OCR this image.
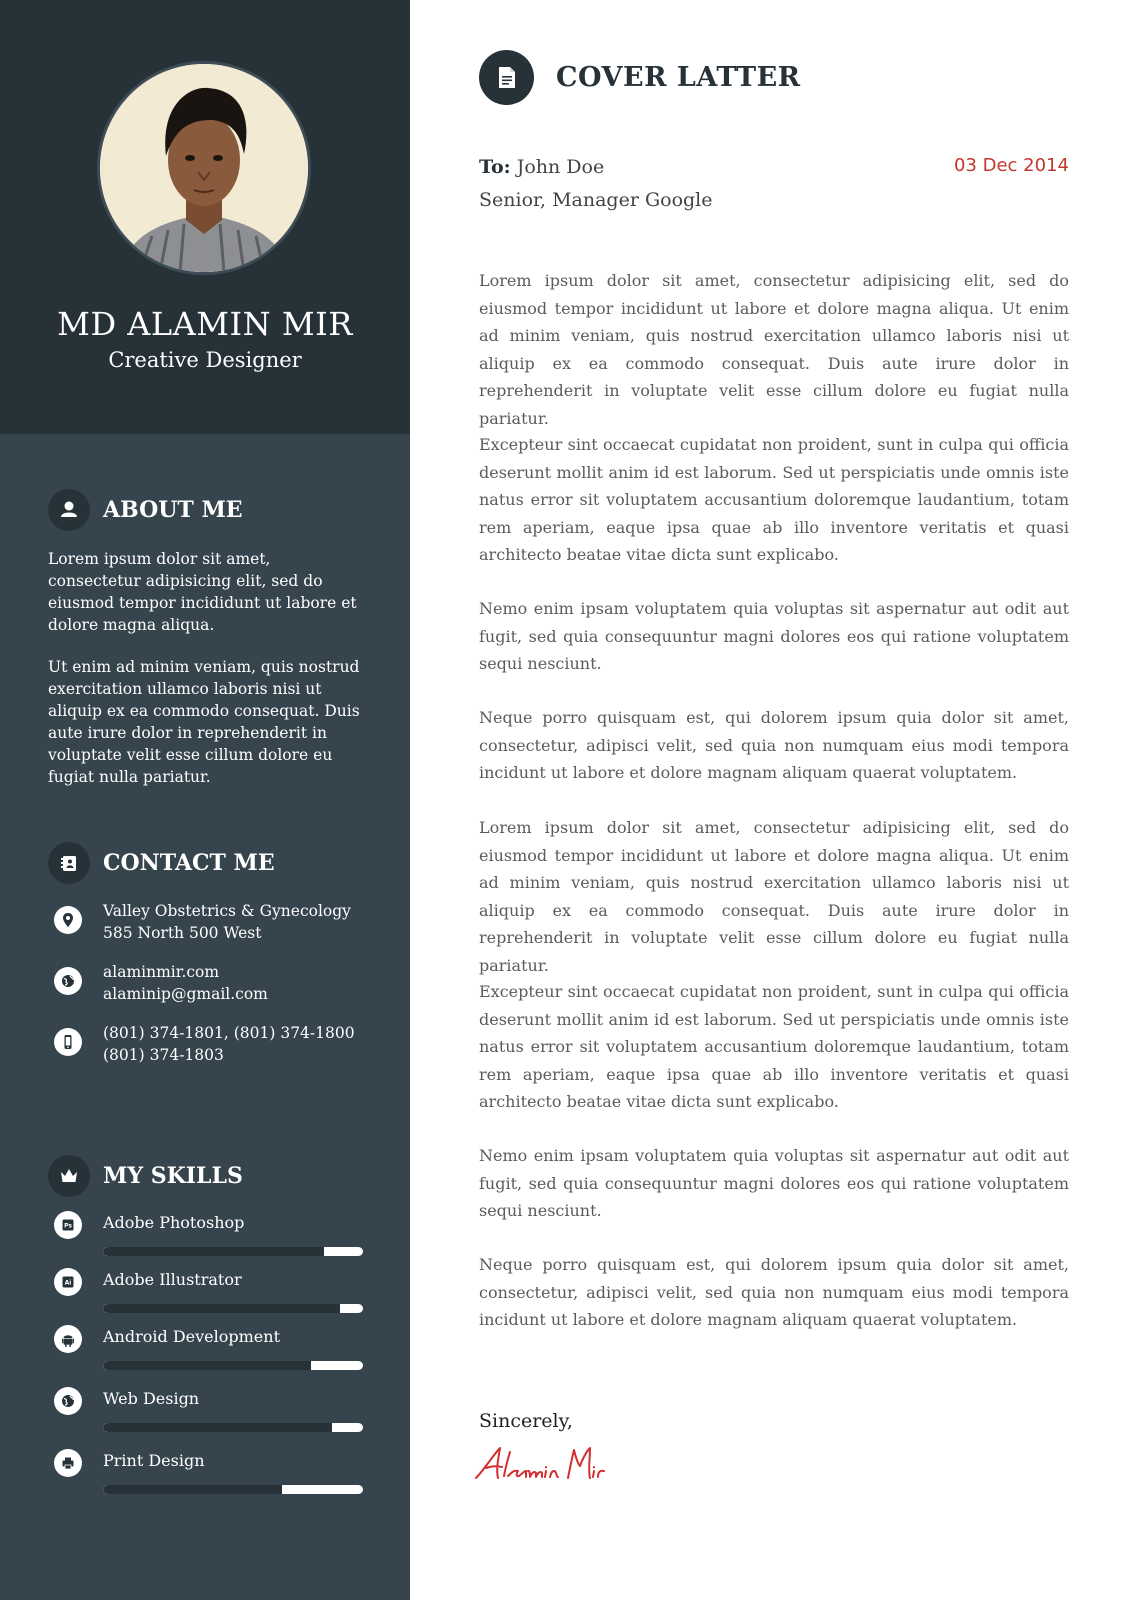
MD ALAMIN MIR
Creative Designer
ABOUT ME

Lorem ipsum dolor sit amet, consectetur adipisicing elit, sed do eiusmod tempor incididunt ut labore et dolore magna aliqua.

Ut enim ad minim veniam, quis nostrud exercitation ullamco laboris nisi ut aliquip ex ea commodo consequat. Duis aute irure dolor in reprehenderit in voluptate velit esse cillum dolore eu fugiat nulla pariatur.

CONTACT ME
Valley Obstetrics & Gynecology
585 North 500 West
alaminmir.com
alaminip@gmail.com
(801) 374-1801, (801) 374-1800
(801) 374-1803
MY SKILLS
Ps Adobe Photoshop
Ai Adobe Illustrator
Android Development
Web Design
Print Design
COVER LATTER
To: John Doe
Senior, Manager Google
03 Dec 2014

Lorem ipsum dolor sit amet, consectetur adipisicing elit, sed do eiusmod tempor incididunt ut labore et dolore magna aliqua. Ut enim ad minim veniam, quis nostrud exercitation ullamco laboris nisi ut aliquip ex ea commodo consequat. Duis aute irure dolor in reprehenderit in voluptate velit esse cillum dolore eu fugiat nulla pariatur.

Excepteur sint occaecat cupidatat non proident, sunt in culpa qui officia deserunt mollit anim id est laborum. Sed ut perspiciatis unde omnis iste natus error sit voluptatem accusantium doloremque laudantium, totam rem aperiam, eaque ipsa quae ab illo inventore veritatis et quasi architecto beatae vitae dicta sunt explicabo.

Nemo enim ipsam voluptatem quia voluptas sit aspernatur aut odit aut fugit, sed quia consequuntur magni dolores eos qui ratione voluptatem sequi nesciunt.

Neque porro quisquam est, qui dolorem ipsum quia dolor sit amet, consectetur, adipisci velit, sed quia non numquam eius modi tempora incidunt ut labore et dolore magnam aliquam quaerat voluptatem.

Lorem ipsum dolor sit amet, consectetur adipisicing elit, sed do eiusmod tempor incididunt ut labore et dolore magna aliqua. Ut enim ad minim veniam, quis nostrud exercitation ullamco laboris nisi ut aliquip ex ea commodo consequat. Duis aute irure dolor in reprehenderit in voluptate velit esse cillum dolore eu fugiat nulla pariatur.

Excepteur sint occaecat cupidatat non proident, sunt in culpa qui officia deserunt mollit anim id est laborum. Sed ut perspiciatis unde omnis iste natus error sit voluptatem accusantium doloremque laudantium, totam rem aperiam, eaque ipsa quae ab illo inventore veritatis et quasi architecto beatae vitae dicta sunt explicabo.

Nemo enim ipsam voluptatem quia voluptas sit aspernatur aut odit aut fugit, sed quia consequuntur magni dolores eos qui ratione voluptatem sequi nesciunt.

Neque porro quisquam est, qui dolorem ipsum quia dolor sit amet, consectetur, adipisci velit, sed quia non numquam eius modi tempora incidunt ut labore et dolore magnam aliquam quaerat voluptatem.

Sincerely,
